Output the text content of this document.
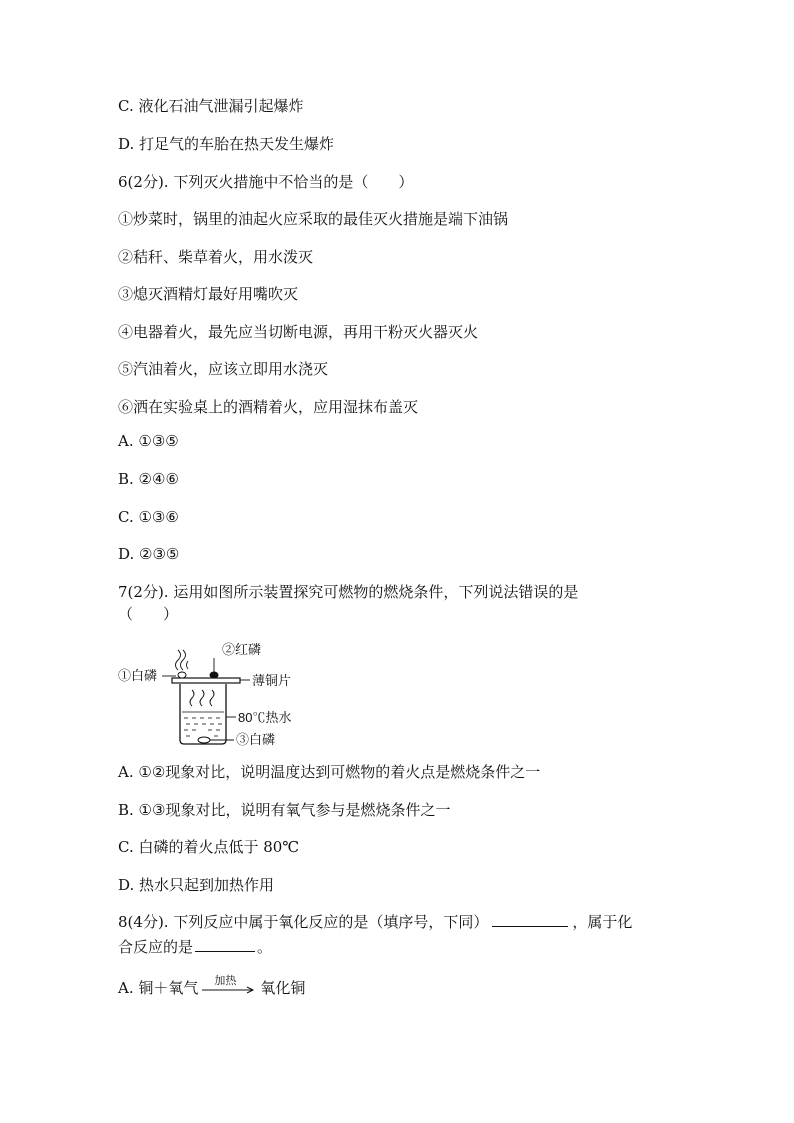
C. 液化石油气泄漏引起爆炸
D. 打足气的车胎在热天发生爆炸
6(2分). 下列灭火措施中不恰当的是（　　）
①炒菜时，锅里的油起火应采取的最佳灭火措施是端下油锅
②秸秆、柴草着火，用水泼灭
③熄灭酒精灯最好用嘴吹灭
④电器着火，最先应当切断电源，再用干粉灭火器灭火
⑤汽油着火，应该立即用水浇灭
⑥洒在实验桌上的酒精着火，应用湿抹布盖灭
A. ①③⑤
B. ②④⑥
C. ①③⑥
D. ②③⑤
7(2分). 运用如图所示装置探究可燃物的燃烧条件，下列说法错误的是
（　　）
①白磷
②红磷
薄铜片
80℃热水
③白磷
A. ①②现象对比，说明温度达到可燃物的着火点是燃烧条件之一
B. ①③现象对比，说明有氧气参与是燃烧条件之一
C. 白磷的着火点低于 80℃
D. 热水只起到加热作用
8(4分). 下列反应中属于氧化反应的是（填序号，下同）	，属于化
合反应的是	。
A. 铜＋氧气 加热 氧化铜
